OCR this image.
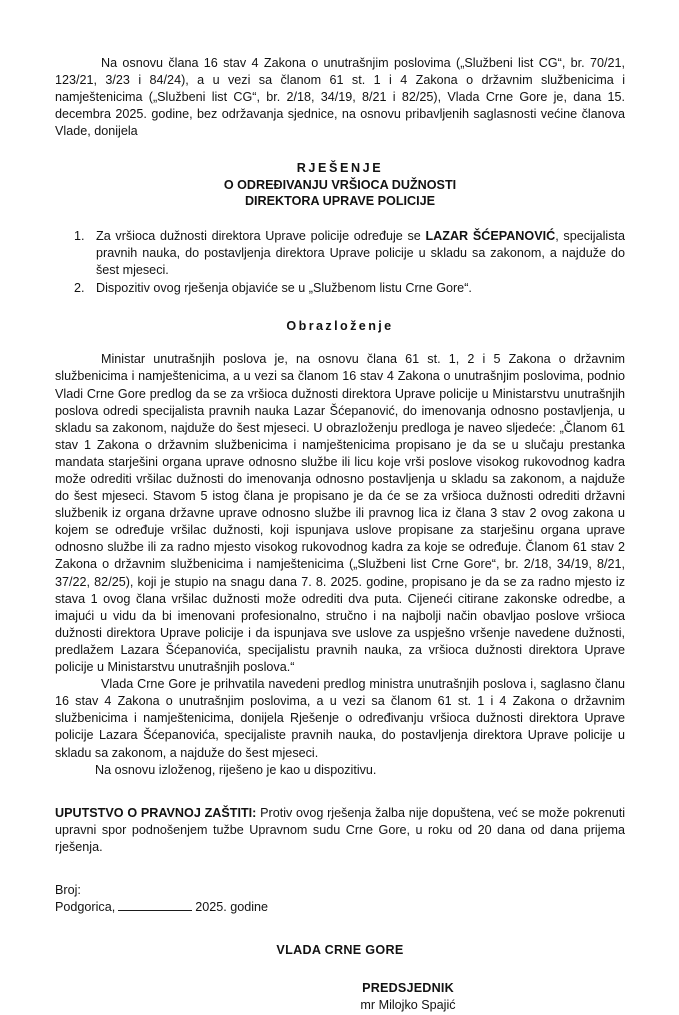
Na osnovu člana 16 stav 4 Zakona o unutrašnjim poslovima („Službeni list CG“, br. 70/21, 123/21, 3/23 i 84/24), a u vezi sa članom 61 st. 1 i 4 Zakona o državnim službenicima i namještenicima („Službeni list CG“, br. 2/18, 34/19, 8/21 i 82/25), Vlada Crne Gore je, dana 15. decembra 2025. godine, bez održavanja sjednice, na osnovu pribavljenih saglasnosti većine članova Vlade, donijela

RJEŠENJE
O ODREĐIVANJU VRŠIOCA DUŽNOSTI
DIREKTORA UPRAVE POLICIJE
1. Za vršioca dužnosti direktora Uprave policije određuje se LAZAR ŠĆEPANOVIĆ, specijalista pravnih nauka, do postavljenja direktora Uprave policije u skladu sa zakonom, a najduže do šest mjeseci.
2. Dispozitiv ovog rješenja objaviće se u „Službenom listu Crne Gore“.
Obrazloženje

Ministar unutrašnjih poslova je, na osnovu člana 61 st. 1, 2 i 5 Zakona o državnim službenicima i namještenicima, a u vezi sa članom 16 stav 4 Zakona o unutrašnjim poslovima, podnio Vladi Crne Gore predlog da se za vršioca dužnosti direktora Uprave policije u Ministarstvu unutrašnjih poslova odredi specijalista pravnih nauka Lazar Šćepanović, do imenovanja odnosno postavljenja, u skladu sa zakonom, najduže do šest mjeseci. U obrazloženju predloga je naveo sljedeće: „Članom 61 stav 1 Zakona o državnim službenicima i namještenicima propisano je da se u slučaju prestanka mandata starješini organa uprave odnosno službe ili licu koje vrši poslove visokog rukovodnog kadra može odrediti vršilac dužnosti do imenovanja odnosno postavljenja u skladu sa zakonom, a najduže do šest mjeseci. Stavom 5 istog člana je propisano je da će se za vršioca dužnosti odrediti državni službenik iz organa državne uprave odnosno službe ili pravnog lica iz člana 3 stav 2 ovog zakona u kojem se određuje vršilac dužnosti, koji ispunjava uslove propisane za starješinu organa uprave odnosno službe ili za radno mjesto visokog rukovodnog kadra za koje se određuje. Članom 61 stav 2 Zakona o državnim službenicima i namještenicima („Službeni list Crne Gore“, br. 2/18, 34/19, 8/21, 37/22, 82/25), koji je stupio na snagu dana 7. 8. 2025. godine, propisano je da se za radno mjesto iz stava 1 ovog člana vršilac dužnosti može odrediti dva puta. Cijeneći citirane zakonske odredbe, a imajući u vidu da bi imenovani profesionalno, stručno i na najbolji način obavljao poslove vršioca dužnosti direktora Uprave policije i da ispunjava sve uslove za uspješno vršenje navedene dužnosti, predlažem Lazara Šćepanovića, specijalistu pravnih nauka, za vršioca dužnosti direktora Uprave policije u Ministarstvu unutrašnjih poslova.“

Vlada Crne Gore je prihvatila navedeni predlog ministra unutrašnjih poslova i, saglasno članu 16 stav 4 Zakona o unutrašnjim poslovima, a u vezi sa članom 61 st. 1 i 4 Zakona o državnim službenicima i namještenicima, donijela Rješenje o određivanju vršioca dužnosti direktora Uprave policije Lazara Šćepanovića, specijaliste pravnih nauka, do postavljenja direktora Uprave policije u skladu sa zakonom, a najduže do šest mjeseci.

Na osnovu izloženog, riješeno je kao u dispozitivu.

UPUTSTVO O PRAVNOJ ZAŠTITI: Protiv ovog rješenja žalba nije dopuštena, već se može pokrenuti upravni spor podnošenjem tužbe Upravnom sudu Crne Gore, u roku od 20 dana od dana prijema rješenja.

Broj:
Podgorica,	2025. godine
VLADA CRNE GORE
PREDSJEDNIK
mr Milojko Spajić
